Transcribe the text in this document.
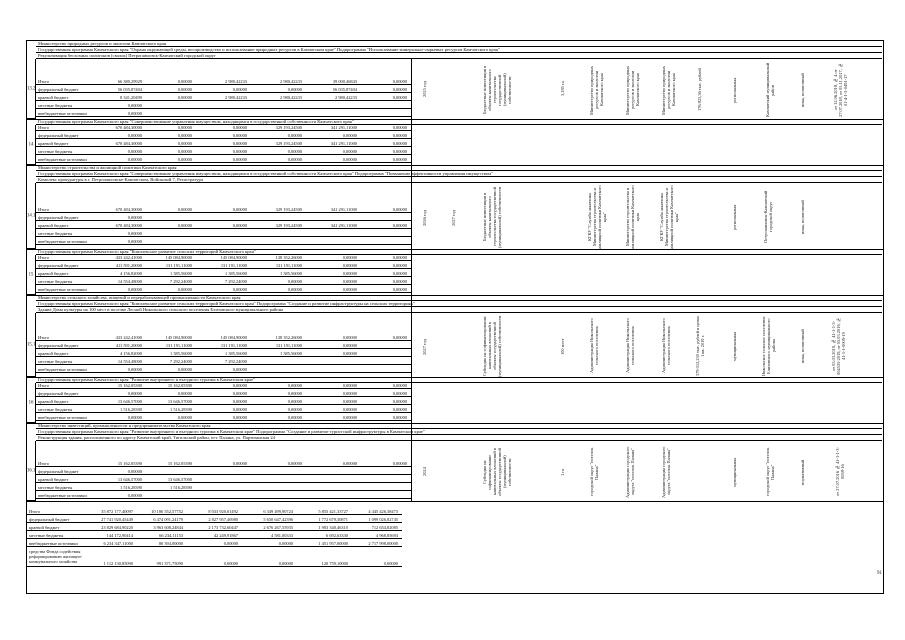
Министерство природных ресурсов и экологии Камчатского края
Государственная программа Камчатского края "Охрана окружающей среды, воспроизводство и использование природных ресурсов в Камчатском крае" Подпрограмма "Использование минерально-сырьевых ресурсов Камчатского края"
Рекультивация бесхозных полигонов (свалок) Петропавловск-Камчатский городской округ
13.2
Итого	66 380,29929	0,00000	2 980,42233	2 980,42233	39 000,46843	0,00000
федеральный бюджет	56 035,87404	0,00000	0,00000	0,00000	56 035,87404	0,00000
краевой бюджет	8 341,20499	0,00000	2 980,42233	2 980,42233	2 980,42233	0,00000
местные бюджеты	0,00000
внебюджетные источники	0,00000
2025 год	Бюджетные инвестиции в объекты капитального строительства государственной (муниципальной) собственности	3,185 га	Министерство природных ресурсов и экологии Камчатского края	Министерство природных ресурсов и экологии Камчатского края	Министерство природных ресурсов и экологии Камчатского края	176 825,36 тыс. рублей	региональная	Камчатский муниципальный район	иная, полигонный	от 12.06.2018, № 4 от 27.07.2018, от 05.11.2017, № 01-4-1-3-0491-17
Государственная программа Камчатского края "Совершенствование управления имуществом, находящимся в государственной собственности Камчатского края"
14
Итого	670 484,30000	0,00000	0,00000	329 193,24500	341 291,11000	0,00000
федеральный бюджет	0,00000	0,00000	0,00000	0,00000	0,00000	0,00000
краевой бюджет	670 484,30000	0,00000	0,00000	329 193,24500	341 291,11000	0,00000
местные бюджеты	0,00000	0,00000	0,00000	0,00000	0,00000	0,00000
внебюджетные источники	0,00000	0,00000	0,00000	0,00000	0,00000	0,00000
Министерство строительства и жилищной политики Камчатского края
Государственная программа Камчатского края "Совершенствование управления имуществом, находящимся в государственной собственности Камчатского края" Подпрограмма "Повышение эффективности управления имуществом"
Комплекс прокуратуры в г. Петропавловске-Камчатском, Войсковой 7, Регистратура
14.1
Итого	670 484,30000	0,00000	0,00000	329 193,24500	341 291,11000	0,00000
федеральный бюджет	0,00000
краевой бюджет	670 484,30000	0,00000	0,00000	329 193,24500	341 291,11000	0,00000
местные бюджеты	0,00000
внебюджетные источники	0,00000
2026 год	2027 год	Бюджетные инвестиции в объекты капитального строительства государственной (муниципальной) собственности	КГКУ "Служба заказчика Министерства строительства и жилищной политики Камчатского края"	Министерство строительства и жилищной политики Камчатского края	КГКУ "Служба заказчика Министерства строительства и жилищной политики Камчатского края"	региональная	Петропавловск-Камчатский городской округ	иная, полигонный
Государственная программа Камчатского края "Комплексное развитие сельских территорий Камчатского края"
15
Итого	433 242,41000	145 084,90000	145 084,90000	138 352,26000	0,00000	0,00000
федеральный бюджет	411 591,20000	131 191,11000	131 191,11000	131 191,11000	0,00000	0,00000
краевой бюджет	4 156,82000	1 385,56000	1 385,56000	1 385,56000	0,00000	0,00000
местные бюджеты	14 554,48000	7 292,24000	7 292,24000	0,00000	0,00000	0,00000
внебюджетные источники	0,00000	0,00000	0,00000	0,00000	0,00000	0,00000
Министерство сельского хозяйства, пищевой и перерабатывающей промышленности Камчатского края
Государственная программа Камчатского края "Комплексное развитие сельских территорий Камчатского края" Подпрограмма "Создание и развитие инфраструктуры на сельских территориях"
Здание Дома культуры на 100 мест в поселке Лесной Никольского сельского поселения Елизовского муниципального района
15.1
Итого	433 242,41000	145 084,90000	145 084,90000	138 352,26000	0,00000	0,00000
федеральный бюджет	411 591,20000	131 191,11000	131 191,11000	131 191,11000	0,00000
краевой бюджет	4 156,82000	1 385,56000	1 385,56000	1 385,56000	0,00000
местные бюджеты	14 554,48000	7 292,24000	7 292,24000
внебюджетные источники	0,00000	0,00000	0,00000
2027 год	Субсидия на софинансирование капитальных вложений в объекты государственной (муниципальной) собственности	100 мест	Администрация Никольского сельского поселения	Администрация Никольского сельского поселения	Администрация Никольского сельского поселения	379 012,230 тыс. рублей в ценах 1 кв. 2019 г.	муниципальная	Никольское сельское поселение Елизовского муниципального района	иная, полигонный	от 05.03.2019, № 41-1-1-3-004535-2019, от 05.03.2019, № 41-1-1-0009-19
Государственная программа Камчатского края "Развитие внутреннего и въездного туризма в Камчатском крае"
16
Итого	15 162,05390	15 162,05390	0,00000	0,00000	0,00000	0,00000
федеральный бюджет	0,00000	0,00000	0,00000	0,00000	0,00000	0,00000
краевой бюджет	13 646,57000	13 646,57000	0,00000	0,00000	0,00000	0,00000
местные бюджеты	1 516,28390	1 516,28390	0,00000	0,00000	0,00000	0,00000
внебюджетные источники	0,00000	0,00000	0,00000	0,00000	0,00000	0,00000
Министерство инвестиций, промышленности и предпринимательства Камчатского края
Государственная программа Камчатского края "Развитие внутреннего и въездного туризма в Камчатском крае" Подпрограмма "Создание и развитие туристской инфраструктуры в Камчатском крае"
Реконструкция здания, расположенного по адресу Камчатский край, Тигильский район, пгт. Палана, ул. Партизанская 24
16.1
Итого	15 162,05390	15 162,05390	0,00000	0,00000	0,00000	0,00000
федеральный бюджет	0,00000
краевой бюджет	13 646,57000	13 646,57000
местные бюджеты	1 516,28390	1 516,28390
внебюджетные источники	0,00000
2024	Субсидия на софинансирование капитальных вложений в объекты государственной (муниципальной) собственности	1 га	городской округ "поселок Палана"	Администрация городского округа "поселок Палана"	Администрация городского округа "поселок Палана"	муниципальная	городской округ "поселок Палана"	нормативный	от 27.07.2016 № 41-1-1-3-0058-16
Итого	35 872 177,40097	10 186 552,57752	8 033 920,01492	6 349 499,90724	5 855 421,33727	4 445 426,38473
федеральный бюджет	27 741 920,45449	6 474 091,24179	2 827 957,46980	5 650 647,42396	1 772 679,30871	1 099 026,82745
краевой бюджет	23 829 684,90220	3 963 608,24844	2 173 732,60447	2 676 267,55935	1 903 340,46310	712 654,82085
местные бюджеты	144 172,90414	66 234,11153	42 249,91867	4 581,00333	6 692,63330	4 968,85694
внебюджетные источники	6 234 347,11000	80 394,00000	0,00000	0,00000	1 451 957,00000	2 717 998,00000
средства Фонда содействия реформированию жилищно-коммунального хозяйства	1 112 130,85090	991 371,75090	0,00000	0,00000	120 759,10000	0,00000
91
